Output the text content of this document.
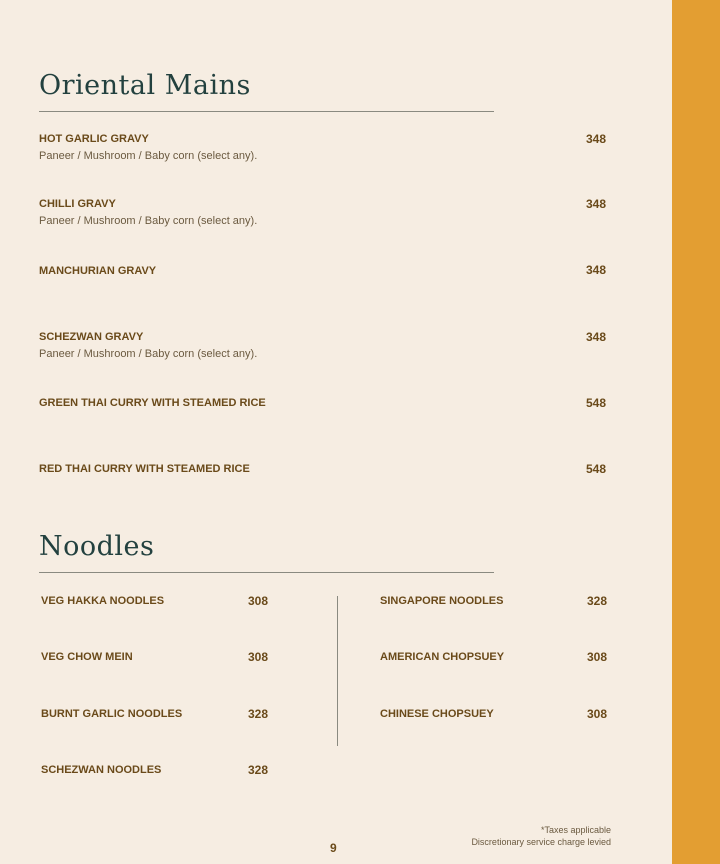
Oriental Mains
HOT GARLIC GRAVY	348
Paneer / Mushroom / Baby corn (select any).
CHILLI GRAVY	348
Paneer / Mushroom / Baby corn (select any).
MANCHURIAN GRAVY	348
SCHEZWAN GRAVY	348
Paneer / Mushroom / Baby corn (select any).
GREEN THAI CURRY WITH STEAMED RICE	548
RED THAI CURRY WITH STEAMED RICE	548
Noodles
VEG HAKKA NOODLES	308
VEG CHOW MEIN	308
BURNT GARLIC NOODLES	328
SCHEZWAN NOODLES	328
SINGAPORE NOODLES	328
AMERICAN CHOPSUEY	308
CHINESE CHOPSUEY	308
*Taxes applicable
Discretionary service charge levied
9
